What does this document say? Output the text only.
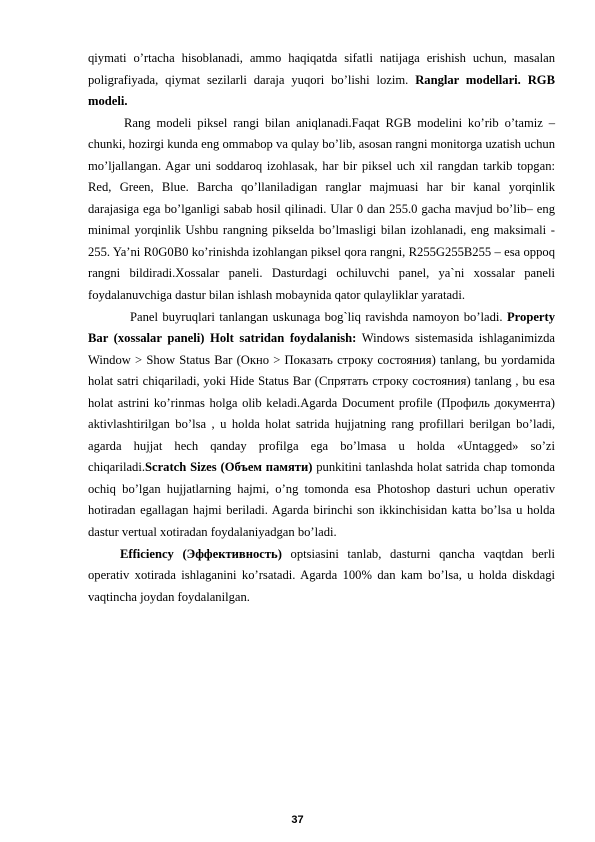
qiymati o’rtacha hisoblanadi, ammo haqiqatda sifatli natijaga erishish uchun, masalan poligrafiyada, qiymat sezilarli daraja yuqori bo’lishi lozim. Ranglar modellari. RGB modeli.

Rang modeli piksel rangi bilan aniqlanadi.Faqat RGB modelini ko’rib o’tamiz – chunki, hozirgi kunda eng ommabop va qulay bo’lib, asosan rangni monitorga uzatish uchun mo’ljallangan. Agar uni soddaroq izohlasak, har bir piksel uch xil rangdan tarkib topgan: Red, Green, Blue. Barcha qo’llaniladigan ranglar majmuasi har bir kanal yorqinlik darajasiga ega bo’lganligi sabab hosil qilinadi. Ular 0 dan 255.0 gacha mavjud bo’lib– eng minimal yorqinlik Ushbu rangning pikselda bo’lmasligi bilan izohlanadi, eng maksimali - 255. Ya’ni R0G0B0 ko’rinishda izohlangan piksel qora rangni, R255G255B255 – esa oppoq rangni bildiradi.Xossalar paneli. Dasturdagi ochiluvchi panel, ya`ni xossalar paneli foydalanuvchiga dastur bilan ishlash mobaynida qator qulayliklar yaratadi.

Panel buyruqlari tanlangan uskunaga bog`liq ravishda namoyon bo’ladi. Property Bar (xossalar paneli) Holt satridan foydalanish: Windows sistemasida ishlaganimizda Window > Show Status Bar (Окно > Показать строку состояния) tanlang, bu yordamida holat satri chiqariladi, yoki Hide Status Bar (Спрятать строку состояния) tanlang , bu esa holat astrini ko’rinmas holga olib keladi.Agarda Document profile (Профиль документа) aktivlashtirilgan bo’lsa , u holda holat satrida hujjatning rang profillari berilgan bo’ladi, agarda hujjat hech qanday profilga ega bo’lmasa u holda «Untagged» so’zi chiqariladi.Scratch Sizes (Объем памяти) punkitini tanlashda holat satrida chap tomonda ochiq bo’lgan hujjatlarning hajmi, o’ng tomonda esa Photoshop dasturi uchun operativ hotiradan egallagan hajmi beriladi. Agarda birinchi son ikkinchisidan katta bo’lsa u holda dastur vertual xotiradan foydalaniyadgan bo’ladi.

Efficiency (Эффективность) optsiasini tanlab, dasturni qancha vaqtdan berli operativ xotirada ishlaganini ko’rsatadi. Agarda 100% dan kam bo’lsa, u holda diskdagi vaqtincha joydan foydalanilgan.

37
